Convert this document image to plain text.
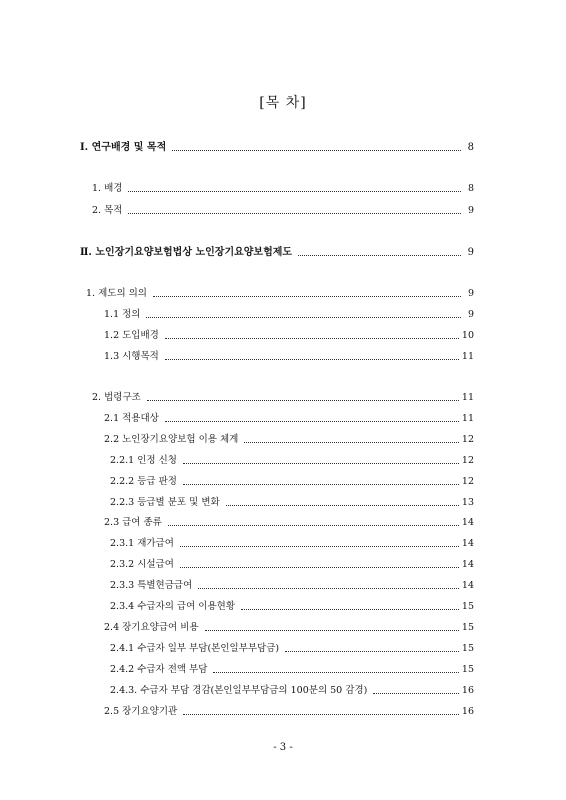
[목 차]
I. 연구배경 및 목적	8
1. 배경	8
2. 목적	9
Ⅱ. 노인장기요양보험법상 노인장기요양보험제도	9
1. 제도의 의의	9
1.1 정의	9
1.2 도입배경	10
1.3 시행목적	11
2. 법령구조	11
2.1 적용대상	11
2.2 노인장기요양보험 이용 체계	12
2.2.1 인정 신청	12
2.2.2 등급 판정	12
2.2.3 등급별 분포 및 변화	13
2.3 급여 종류	14
2.3.1 재가급여	14
2.3.2 시설급여	14
2.3.3 특별현금급여	14
2.3.4 수급자의 급여 이용현황	15
2.4 장기요양급여 비용	15
2.4.1 수급자 일부 부담(본인일부부담금)	15
2.4.2 수급자 전액 부담	15
2.4.3. 수급자 부담 경감(본인일부부담금의 100분의 50 감경)	16
2.5 장기요양기관	16
- 3 -
